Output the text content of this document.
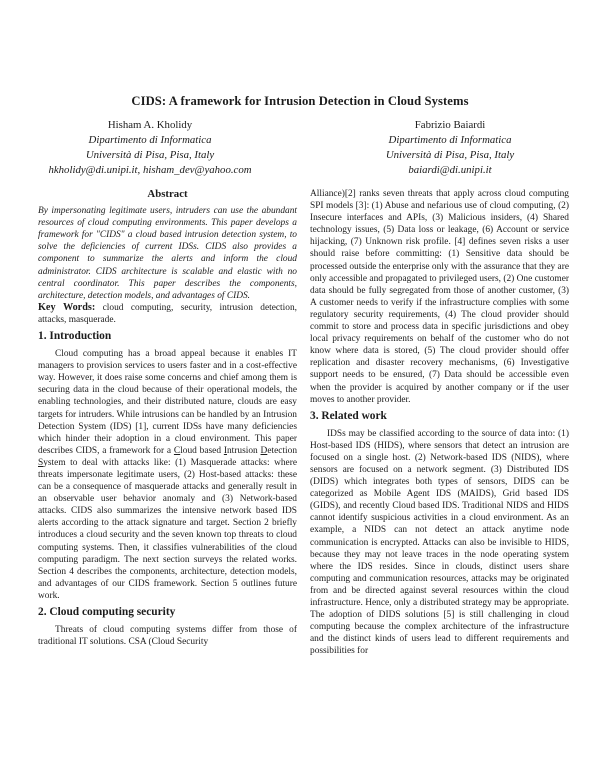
CIDS: A framework for Intrusion Detection in Cloud Systems
Hisham A. Kholidy
Dipartimento di Informatica
Università di Pisa, Pisa, Italy
hkholidy@di.unipi.it, hisham_dev@yahoo.com
Fabrizio Baiardi
Dipartimento di Informatica
Università di Pisa, Pisa, Italy
baiardi@di.unipi.it
Abstract

By impersonating legitimate users, intruders can use the abundant resources of cloud computing environments. This paper develops a framework for "CIDS" a cloud based intrusion detection system, to solve the deficiencies of current IDSs. CIDS also provides a component to summarize the alerts and inform the cloud administrator. CIDS architecture is scalable and elastic with no central coordinator. This paper describes the components, architecture, detection models, and advantages of CIDS.

Key Words: cloud computing, security, intrusion detection, attacks, masquerade.

1. Introduction

Cloud computing has a broad appeal because it enables IT managers to provision services to users faster and in a cost-effective way. However, it does raise some concerns and chief among them is securing data in the cloud because of their operational models, the enabling technologies, and their distributed nature, clouds are easy targets for intruders. While intrusions can be handled by an Intrusion Detection System (IDS) [1], current IDSs have many deficiencies which hinder their adoption in a cloud environment. This paper describes CIDS, a framework for a Cloud based Intrusion Detection System to deal with attacks like: (1) Masquerade attacks: where threats impersonate legitimate users, (2) Host-based attacks: these can be a consequence of masquerade attacks and generally result in an observable user behavior anomaly and (3) Network-based attacks. CIDS also summarizes the intensive network based IDS alerts according to the attack signature and target. Section 2 briefly introduces a cloud security and the seven known top threats to cloud computing systems. Then, it classifies vulnerabilities of the cloud computing paradigm. The next section surveys the related works. Section 4 describes the components, architecture, detection models, and advantages of our CIDS framework. Section 5 outlines future work.

2. Cloud computing security

Threats of cloud computing systems differ from those of traditional IT solutions. CSA (Cloud Security

Alliance)[2] ranks seven threats that apply across cloud computing SPI models [3]: (1) Abuse and nefarious use of cloud computing, (2) Insecure interfaces and APIs, (3) Malicious insiders, (4) Shared technology issues, (5) Data loss or leakage, (6) Account or service hijacking, (7) Unknown risk profile. [4] defines seven risks a user should raise before committing: (1) Sensitive data should be processed outside the enterprise only with the assurance that they are only accessible and propagated to privileged users, (2) One customer data should be fully segregated from those of another customer, (3) A customer needs to verify if the infrastructure complies with some regulatory security requirements, (4) The cloud provider should commit to store and process data in specific jurisdictions and obey local privacy requirements on behalf of the customer who do not know where data is stored, (5) The cloud provider should offer replication and disaster recovery mechanisms, (6) Investigative support needs to be ensured, (7) Data should be accessible even when the provider is acquired by another company or if the user moves to another provider.

3. Related work

IDSs may be classified according to the source of data into: (1) Host-based IDS (HIDS), where sensors that detect an intrusion are focused on a single host. (2) Network-based IDS (NIDS), where sensors are focused on a network segment. (3) Distributed IDS (DIDS) which integrates both types of sensors, DIDS can be categorized as Mobile Agent IDS (MAIDS), Grid based IDS (GIDS), and recently Cloud based IDS. Traditional NIDS and HIDS cannot identify suspicious activities in a cloud environment. As an example, a NIDS can not detect an attack anytime node communication is encrypted. Attacks can also be invisible to HIDS, because they may not leave traces in the node operating system where the IDS resides. Since in clouds, distinct users share computing and communication resources, attacks may be originated from and be directed against several resources within the cloud infrastructure. Hence, only a distributed strategy may be appropriate. The adoption of DIDS solutions [5] is still challenging in cloud computing because the complex architecture of the infrastructure and the distinct kinds of users lead to different requirements and possibilities for
